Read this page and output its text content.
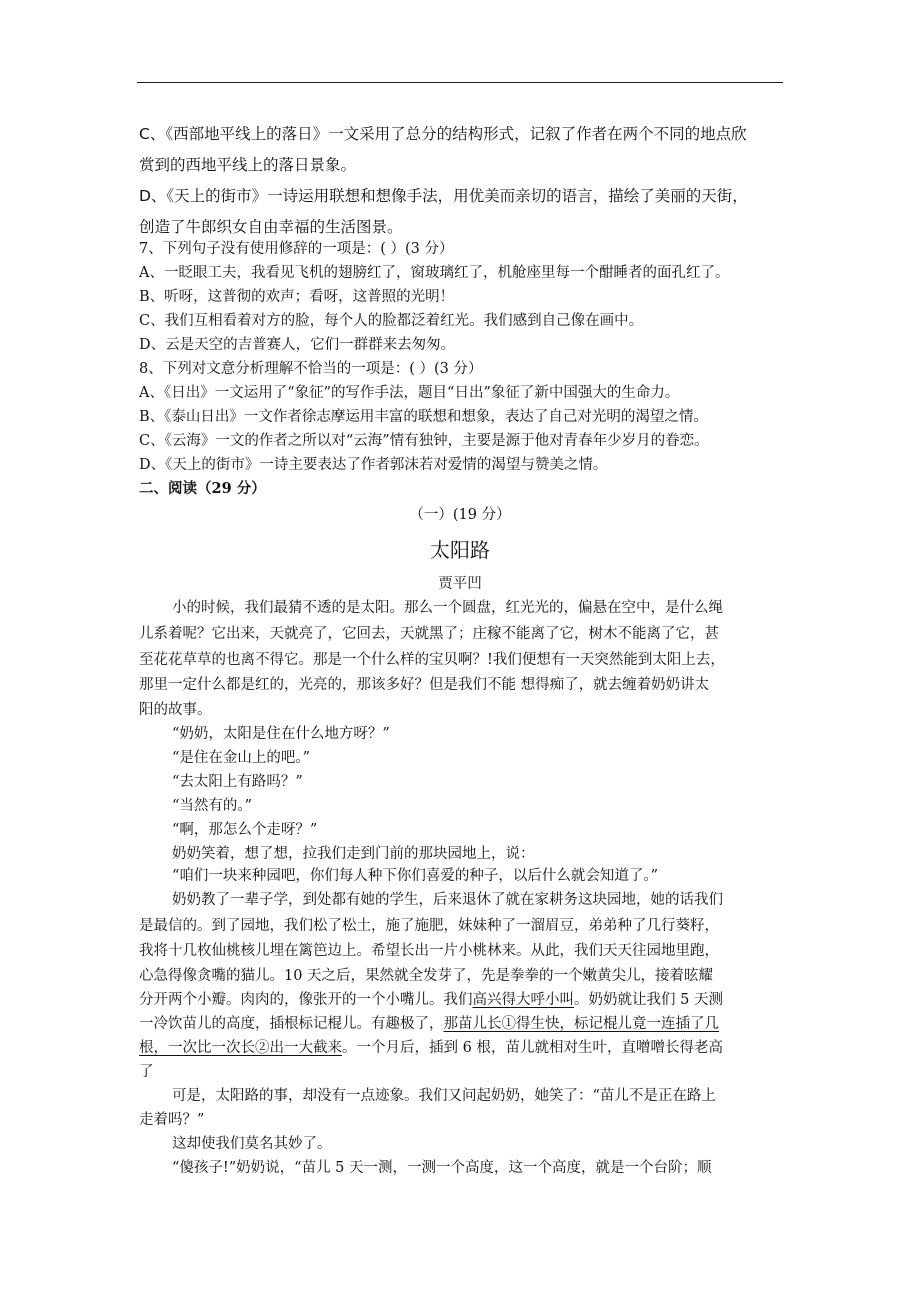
C、《西部地平线上的落日》一文采用了总分的结构形式，记叙了作者在两个不同的地点欣
赏到的西地平线上的落日景象。
D、《天上的街市》一诗运用联想和想像手法，用优美而亲切的语言，描绘了美丽的天街，
创造了牛郎织女自由幸福的生活图景。
7、下列句子没有使用修辞的一项是：( ）(3 分）
A、一眨眼工夫，我看见飞机的翅膀红了，窗玻璃红了，机舱座里每一个酣睡者的面孔红了。
B、听呀，这普彻的欢声；看呀，这普照的光明！
C、我们互相看着对方的脸，每个人的脸都泛着红光。我们感到自己像在画中。
D、云是天空的吉普赛人，它们一群群来去匆匆。
8、下列对文意分析理解不恰当的一项是：( ）(3 分）
A、《日出》一文运用了“象征”的写作手法，题目“日出”象征了新中国强大的生命力。
B、《泰山日出》一文作者徐志摩运用丰富的联想和想象，表达了自己对光明的渴望之情。
C、《云海》一文的作者之所以对“云海”情有独钟，主要是源于他对青春年少岁月的眷恋。
D、《天上的街市》一诗主要表达了作者郭沫若对爱情的渴望与赞美之情。
二、阅读（29 分）
（一）(19 分）
太阳路
贾平凹
小的时候，我们最猜不透的是太阳。那么一个圆盘，红光光的，偏悬在空中，是什么绳
儿系着呢？它出来，天就亮了，它回去，天就黑了；庄稼不能离了它，树木不能离了它，甚
至花花草草的也离不得它。那是一个什么样的宝贝啊？!我们便想有一天突然能到太阳上去，
那里一定什么都是红的，光亮的，那该多好？但是我们不能 想得痴了，就去缠着奶奶讲太
阳的故事。
“奶奶，太阳是住在什么地方呀？”
“是住在金山上的吧。”
“去太阳上有路吗？”
“当然有的。”
“啊，那怎么个走呀？”
奶奶笑着，想了想，拉我们走到门前的那块园地上，说：
“咱们一块来种园吧，你们每人种下你们喜爱的种子，以后什么就会知道了。”
奶奶教了一辈子学，到处都有她的学生，后来退休了就在家耕务这块园地，她的话我们
是最信的。到了园地，我们松了松土，施了施肥，妹妹种了一溜眉豆，弟弟种了几行葵籽，
我将十几枚仙桃核儿埋在篱笆边上。希望长出一片小桃林来。从此，我们天天往园地里跑，
心急得像贪嘴的猫儿。10 天之后，果然就全发芽了，先是拳拳的一个嫩黄尖儿，接着昡耀
分开两个小瓣。肉肉的，像张开的一个小嘴儿。我们高兴得大呼小叫。奶奶就让我们 5 天测
一冷饮苗儿的高度，插根标记棍儿。有趣极了，那苗儿长①得生快，标记棍儿竟一连插了几
根，一次比一次长②出一大截来。一个月后，插到 6 根，苗儿就相对生叶，直噌噌长得老高
了
可是，太阳路的事，却没有一点迹象。我们又问起奶奶，她笑了：“苗儿不是正在路上
走着吗？”
这却使我们莫名其妙了。
“傻孩子!”奶奶说，“苗儿 5 天一测，一测一个高度，这一个高度，就是一个台阶；顺
